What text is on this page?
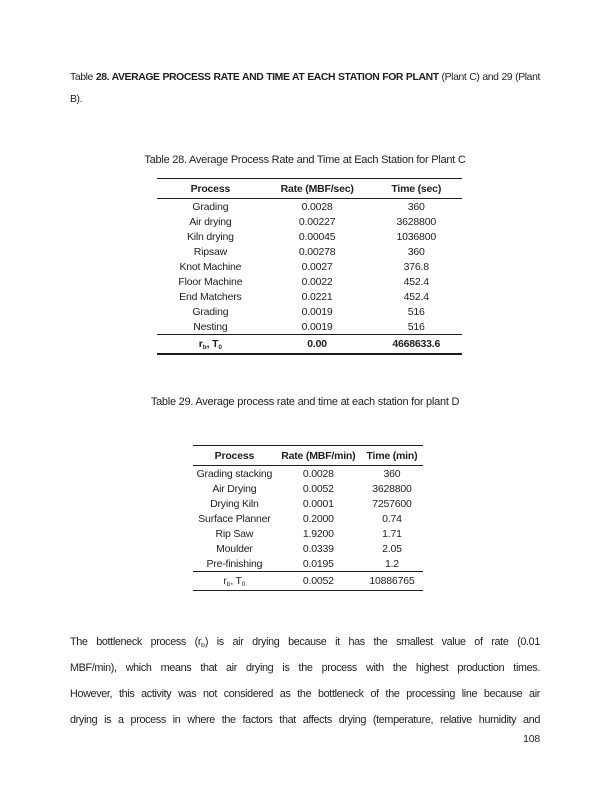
Table 28. AVERAGE PROCESS RATE AND TIME AT EACH STATION FOR PLANT (Plant C) and 29 (Plant B).
Table 28. Average Process Rate and Time at Each Station for Plant C
Process	Rate (MBF/sec)	Time (sec)
Grading	0.0028	360
Air drying	0.00227	3628800
Kiln drying	0.00045	1036800
Ripsaw	0.00278	360
Knot Machine	0.0027	376.8
Floor Machine	0.0022	452.4
End Matchers	0.0221	452.4
Grading	0.0019	516
Nesting	0.0019	516
$r_b$, $T_0$	0.00	4668633.6
Table 29. Average process rate and time at each station for plant D
Process	Rate (MBF/min)	Time (min)
Grading stacking	0.0028	360
Air Drying	0.0052	3628800
Drying Kiln	0.0001	7257600
Surface Planner	0.2000	0.74
Rip Saw	1.9200	1.71
Moulder	0.0339	2.05
Pre-finishing	0.0195	1.2
$r_b$, $T_0$	0.0052	10886765
The bottleneck process $(r_b)$ is air drying because it has the smallest value of rate (0.01
MBF/min), which means that air drying is the process with the highest production times.
However, this activity was not considered as the bottleneck of the processing line because air
drying is a process in where the factors that affects drying (temperature, relative humidity and
108
